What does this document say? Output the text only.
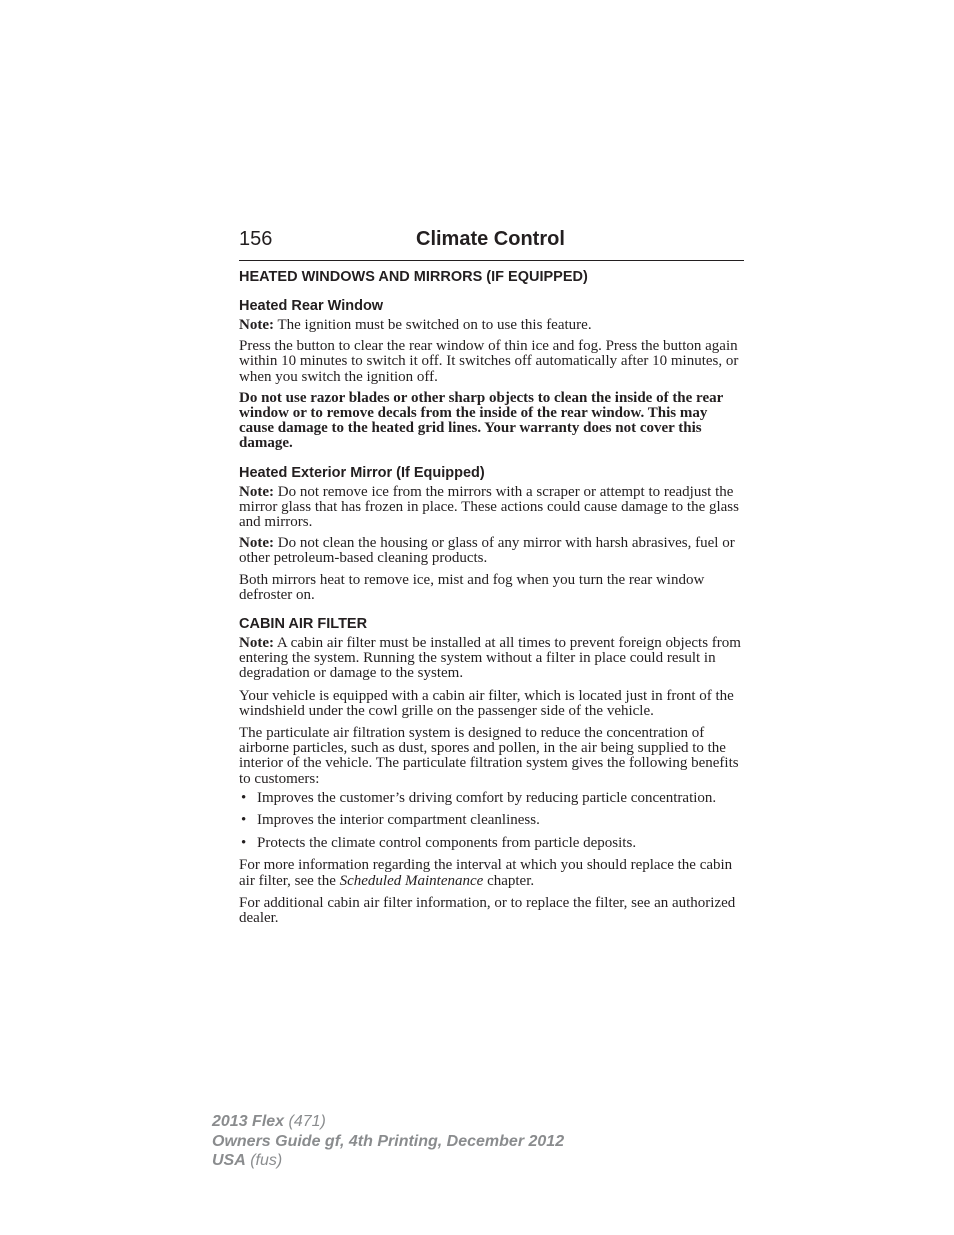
156	Climate Control
HEATED WINDOWS AND MIRRORS (IF EQUIPPED)
Heated Rear Window

Note: The ignition must be switched on to use this feature.

Press the button to clear the rear window of thin ice and fog. Press the button again within 10 minutes to switch it off. It switches off automatically after 10 minutes, or when you switch the ignition off.

Do not use razor blades or other sharp objects to clean the inside of the rear window or to remove decals from the inside of the rear window. This may cause damage to the heated grid lines. Your warranty does not cover this damage.

Heated Exterior Mirror (If Equipped)

Note: Do not remove ice from the mirrors with a scraper or attempt to readjust the mirror glass that has frozen in place. These actions could cause damage to the glass and mirrors.

Note: Do not clean the housing or glass of any mirror with harsh abrasives, fuel or other petroleum-based cleaning products.

Both mirrors heat to remove ice, mist and fog when you turn the rear window defroster on.

CABIN AIR FILTER

Note: A cabin air filter must be installed at all times to prevent foreign objects from entering the system. Running the system without a filter in place could result in degradation or damage to the system.

Your vehicle is equipped with a cabin air filter, which is located just in front of the windshield under the cowl grille on the passenger side of the vehicle.

The particulate air filtration system is designed to reduce the concentration of airborne particles, such as dust, spores and pollen, in the air being supplied to the interior of the vehicle. The particulate filtration system gives the following benefits to customers:

• Improves the customer’s driving comfort by reducing particle concentration.
• Improves the interior compartment cleanliness.
• Protects the climate control components from particle deposits.

For more information regarding the interval at which you should replace the cabin air filter, see the Scheduled Maintenance chapter.

For additional cabin air filter information, or to replace the filter, see an authorized dealer.

2013 Flex (471)
Owners Guide gf, 4th Printing, December 2012
USA (fus)
